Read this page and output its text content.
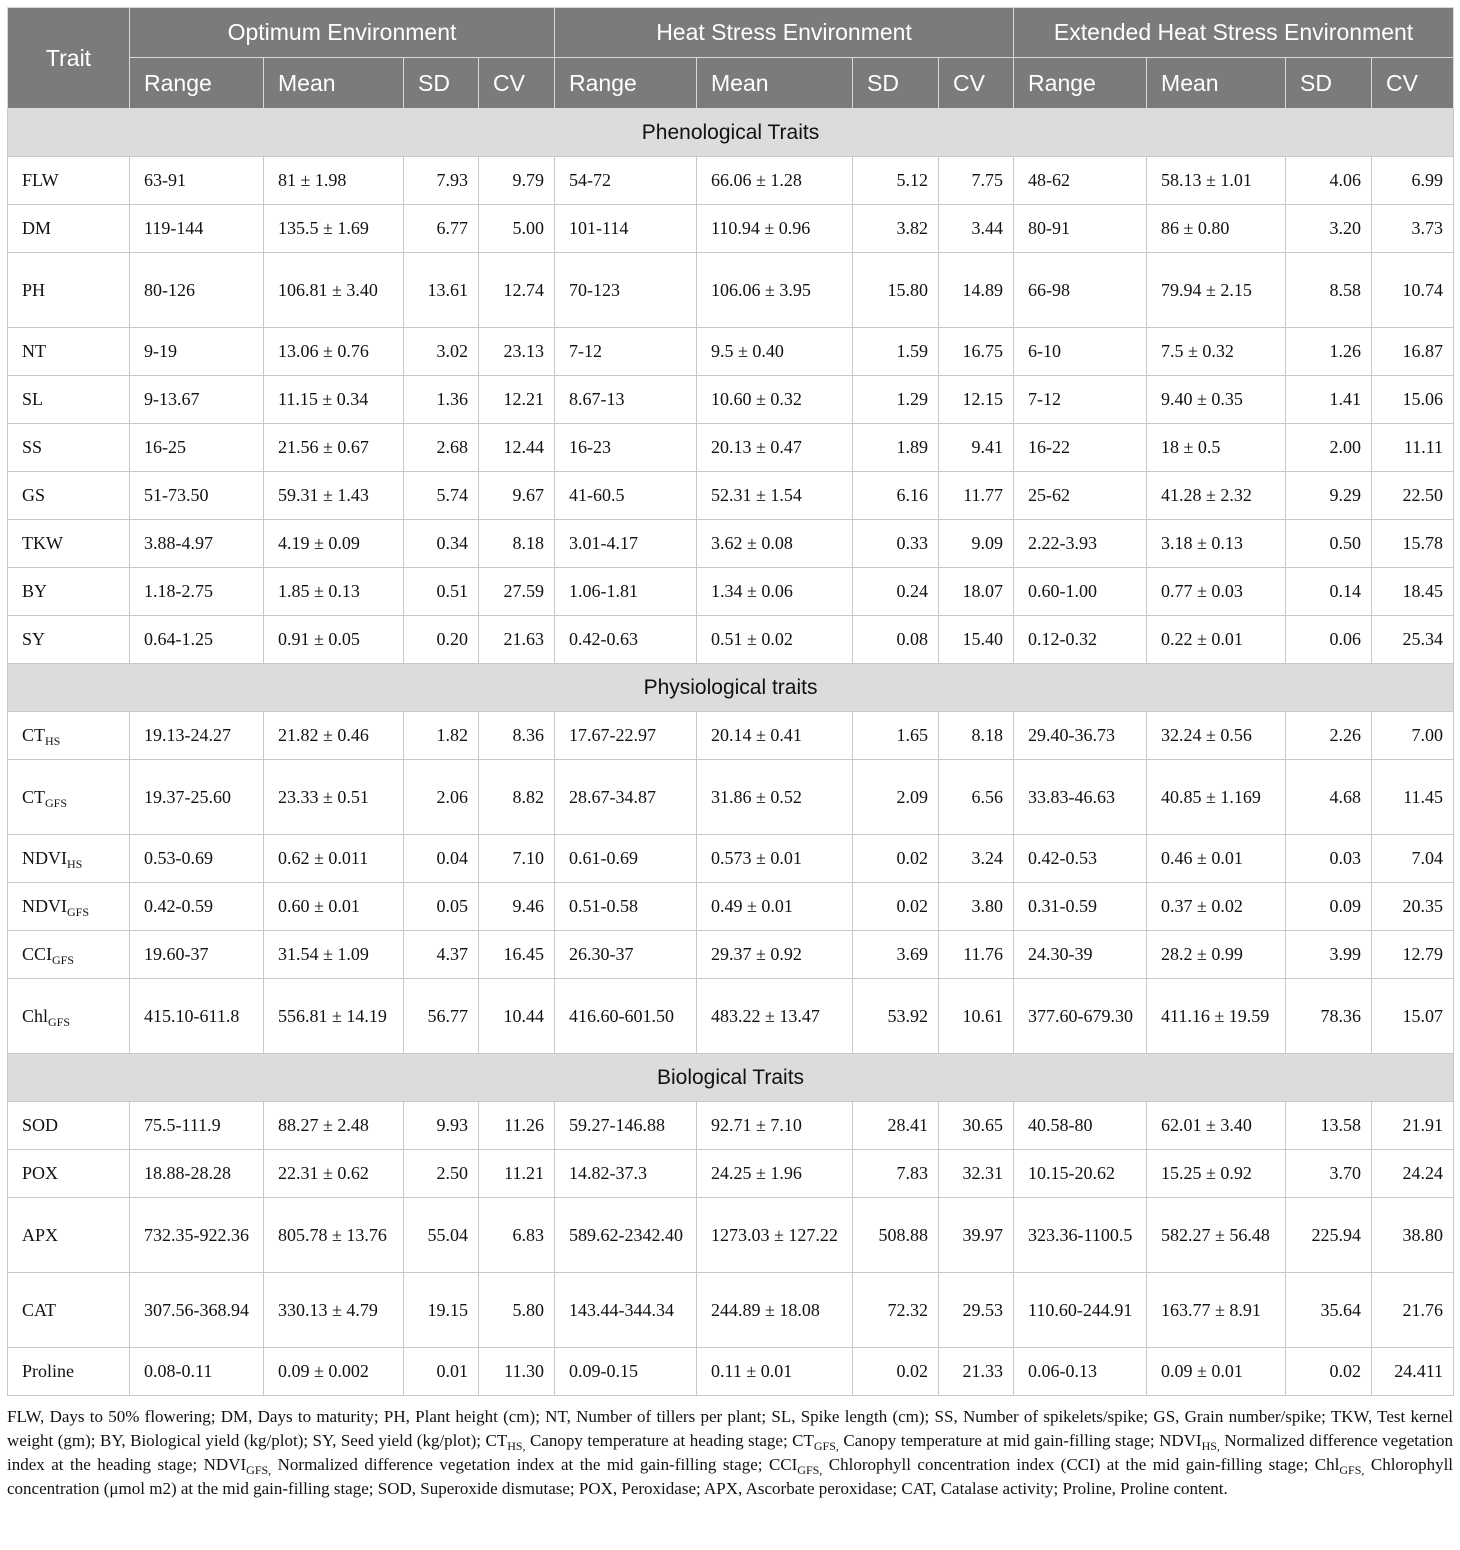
Trait	Optimum Environment				Heat Stress Environment				Extended Heat Stress Environment			
	Range	Mean	SD	CV	Range	Mean	SD	CV	Range	Mean	SD	CV
Phenological Traits												
FLW	63-91	81 ± 1.98	7.93	9.79	54-72	66.06 ± 1.28	5.12	7.75	48-62	58.13 ± 1.01	4.06	6.99
DM	119-144	135.5 ± 1.69	6.77	5.00	101-114	110.94 ± 0.96	3.82	3.44	80-91	86 ± 0.80	3.20	3.73
PH	80-126	106.81 ± 3.40	13.61	12.74	70-123	106.06 ± 3.95	15.80	14.89	66-98	79.94 ± 2.15	8.58	10.74
NT	9-19	13.06 ± 0.76	3.02	23.13	7-12	9.5 ± 0.40	1.59	16.75	6-10	7.5 ± 0.32	1.26	16.87
SL	9-13.67	11.15 ± 0.34	1.36	12.21	8.67-13	10.60 ± 0.32	1.29	12.15	7-12	9.40 ± 0.35	1.41	15.06
SS	16-25	21.56 ± 0.67	2.68	12.44	16-23	20.13 ± 0.47	1.89	9.41	16-22	18 ± 0.5	2.00	11.11
GS	51-73.50	59.31 ± 1.43	5.74	9.67	41-60.5	52.31 ± 1.54	6.16	11.77	25-62	41.28 ± 2.32	9.29	22.50
TKW	3.88-4.97	4.19 ± 0.09	0.34	8.18	3.01-4.17	3.62 ± 0.08	0.33	9.09	2.22-3.93	3.18 ± 0.13	0.50	15.78
BY	1.18-2.75	1.85 ± 0.13	0.51	27.59	1.06-1.81	1.34 ± 0.06	0.24	18.07	0.60-1.00	0.77 ± 0.03	0.14	18.45
SY	0.64-1.25	0.91 ± 0.05	0.20	21.63	0.42-0.63	0.51 ± 0.02	0.08	15.40	0.12-0.32	0.22 ± 0.01	0.06	25.34
Physiological traits												
$CT_{HS}$	19.13-24.27	21.82 ± 0.46	1.82	8.36	17.67-22.97	20.14 ± 0.41	1.65	8.18	29.40-36.73	32.24 ± 0.56	2.26	7.00
$CT_{GFS}$	19.37-25.60	23.33 ± 0.51	2.06	8.82	28.67-34.87	31.86 ± 0.52	2.09	6.56	33.83-46.63	40.85 ± 1.169	4.68	11.45
$NDVI_{HS}$	0.53-0.69	0.62 ± 0.011	0.04	7.10	0.61-0.69	0.573 ± 0.01	0.02	3.24	0.42-0.53	0.46 ± 0.01	0.03	7.04
$NDVI_{GFS}$	0.42-0.59	0.60 ± 0.01	0.05	9.46	0.51-0.58	0.49 ± 0.01	0.02	3.80	0.31-0.59	0.37 ± 0.02	0.09	20.35
$CCI_{GFS}$	19.60-37	31.54 ± 1.09	4.37	16.45	26.30-37	29.37 ± 0.92	3.69	11.76	24.30-39	28.2 ± 0.99	3.99	12.79
Chl$_{GFS}$	415.10-611.8	556.81 ± 14.19	56.77	10.44	416.60-601.50	483.22 ± 13.47	53.92	10.61	377.60-679.30	411.16 ± 19.59	78.36	15.07
Biological Traits												
SOD	75.5-111.9	88.27 ± 2.48	9.93	11.26	59.27-146.88	92.71 ± 7.10	28.41	30.65	40.58-80	62.01 ± 3.40	13.58	21.91
POX	18.88-28.28	22.31 ± 0.62	2.50	11.21	14.82-37.3	24.25 ± 1.96	7.83	32.31	10.15-20.62	15.25 ± 0.92	3.70	24.24
APX	732.35-922.36	805.78 ± 13.76	55.04	6.83	589.62-2342.40	1273.03 ± 127.22	508.88	39.97	323.36-1100.5	582.27 ± 56.48	225.94	38.80
CAT	307.56-368.94	330.13 ± 4.79	19.15	5.80	143.44-344.34	244.89 ± 18.08	72.32	29.53	110.60-244.91	163.77 ± 8.91	35.64	21.76
Proline	0.08-0.11	0.09 ± 0.002	0.01	11.30	0.09-0.15	0.11 ± 0.01	0.02	21.33	0.06-0.13	0.09 ± 0.01	0.02	24.411
FLW, Days to 50% flowering; DM, Days to maturity; PH, Plant height (cm); NT, Number of tillers per plant; SL, Spike length (cm); SS, Number of spikelets/spike; GS, Grain number/spike; TKW, Test kernel weight (gm); BY, Biological yield (kg/plot); SY, Seed yield (kg/plot); $CT_{HS,}$ Canopy temperature at heading stage; $CT_{GFS,}$ Canopy temperature at mid gain-filling stage; $NDVI_{HS,}$ Normalized difference vegetation index at the heading stage; $NDVI_{GFS,}$ Normalized difference vegetation index at the mid gain-filling stage; $CCI_{GFS,}$ Chlorophyll concentration index (CCI) at the mid gain-filling stage; Chl$_{GFS,}$ Chlorophyll concentration (μmol m2) at the mid gain-filling stage; SOD, Superoxide dismutase; POX, Peroxidase; APX, Ascorbate peroxidase; CAT, Catalase activity; Proline, Proline content.
